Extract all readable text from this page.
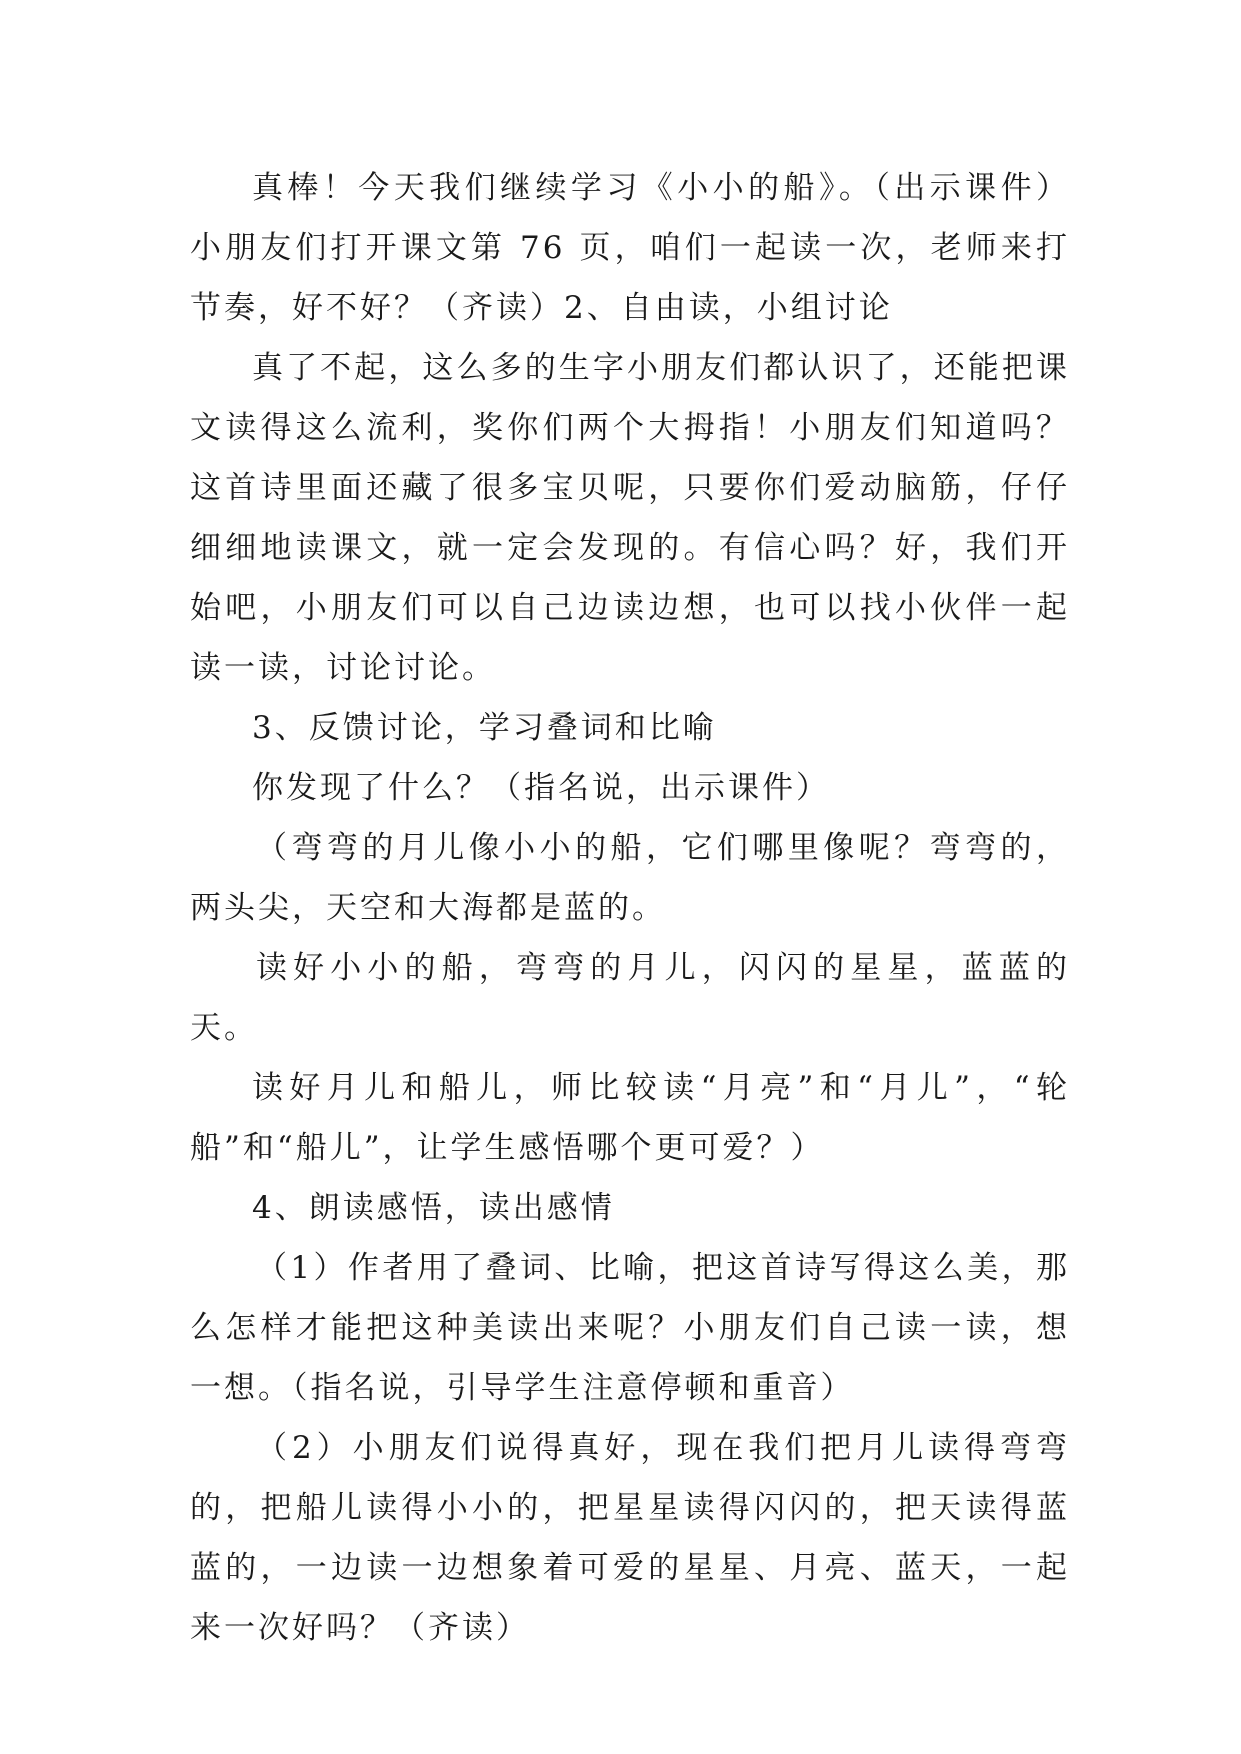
真棒！今天我们继续学习《小小的船》。（出示课件）小朋友们打开课文第 76 页，咱们一起读一次，老师来打节奏，好不好？（齐读）2、自由读，小组讨论

真了不起，这么多的生字小朋友们都认识了，还能把课文读得这么流利，奖你们两个大拇指！小朋友们知道吗？这首诗里面还藏了很多宝贝呢，只要你们爱动脑筋，仔仔细细地读课文，就一定会发现的。有信心吗？好，我们开始吧，小朋友们可以自己边读边想，也可以找小伙伴一起读一读，讨论讨论。

3、反馈讨论，学习叠词和比喻

你发现了什么？（指名说，出示课件）

（弯弯的月儿像小小的船，它们哪里像呢？弯弯的，两头尖，天空和大海都是蓝的。

读好小小的船，弯弯的月儿，闪闪的星星，蓝蓝的天。

读好月儿和船儿，师比较读“月亮”和“月儿”，“轮船”和“船儿”，让学生感悟哪个更可爱？）

4、朗读感悟，读出感情

（1）作者用了叠词、比喻，把这首诗写得这么美，那么怎样才能把这种美读出来呢？小朋友们自己读一读，想一想。（指名说，引导学生注意停顿和重音）

（2）小朋友们说得真好，现在我们把月儿读得弯弯的，把船儿读得小小的，把星星读得闪闪的，把天读得蓝蓝的，一边读一边想象着可爱的星星、月亮、蓝天，一起来一次好吗？（齐读）
